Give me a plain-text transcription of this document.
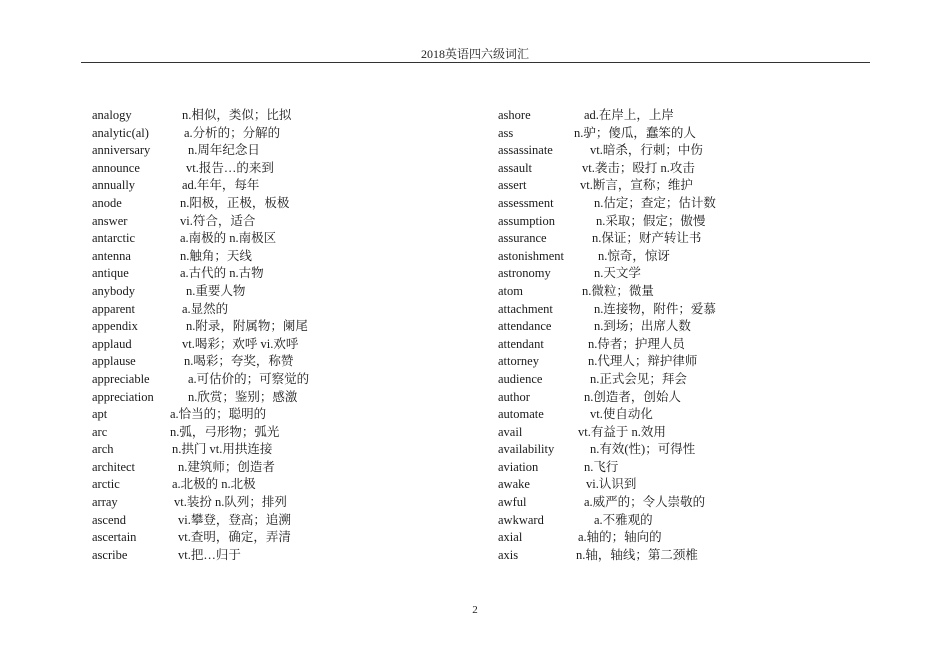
2018英语四六级词汇
analogy	n.相似，类似；比拟
analytic(al)	a.分析的；分解的
anniversary	n.周年纪念日
announce	vt.报告…的来到
annually	ad.年年，每年
anode	n.阳极，正极，板极
answer	vi.符合，适合
antarctic	a.南极的 n.南极区
antenna	n.触角；天线
antique	a.古代的 n.古物
anybody	n.重要人物
apparent	a.显然的
appendix	n.附录，附属物；阑尾
applaud	vt.喝彩；欢呼 vi.欢呼
applause	n.喝彩；夸奖，称赞
appreciable	a.可估价的；可察觉的
appreciation	n.欣赏；鉴别；感激
apt	a.恰当的；聪明的
arc	n.弧，弓形物；弧光
arch	n.拱门 vt.用拱连接
architect	n.建筑师；创造者
arctic	a.北极的 n.北极
array	vt.装扮 n.队列；排列
ascend	vi.攀登，登高；追溯
ascertain	vt.查明，确定，弄清
ascribe	vt.把…归于
ashore	ad.在岸上，上岸
ass	n.驴；傻瓜，蠢笨的人
assassinate	vt.暗杀，行刺；中伤
assault	vt.袭击；殴打 n.攻击
assert	vt.断言，宣称；维护
assessment	n.估定；查定；估计数
assumption	n.采取；假定；傲慢
assurance	n.保证；财产转让书
astonishment	n.惊奇，惊讶
astronomy	n.天文学
atom	n.微粒；微量
attachment	n.连接物，附件；爱慕
attendance	n.到场；出席人数
attendant	n.侍者；护理人员
attorney	n.代理人；辩护律师
audience	n.正式会见；拜会
author	n.创造者，创始人
automate	vt.使自动化
avail	vt.有益于 n.效用
availability	n.有效(性)；可得性
aviation	n.飞行
awake	vi.认识到
awful	a.威严的；令人崇敬的
awkward	a.不雅观的
axial	a.轴的；轴向的
axis	n.轴，轴线；第二颈椎
2
